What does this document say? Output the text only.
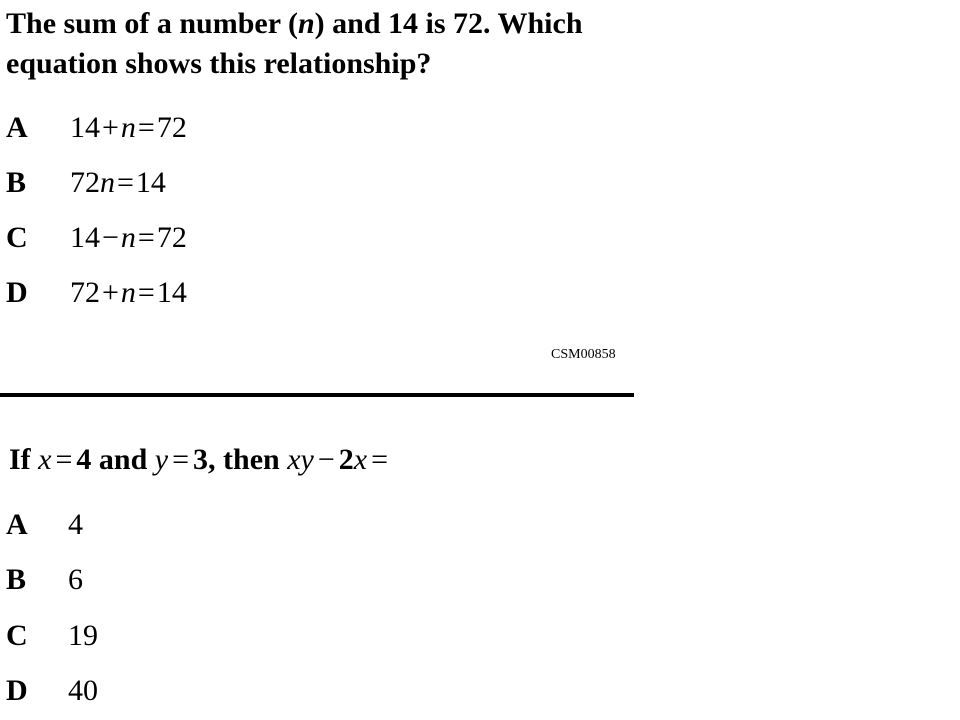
The sum of a number (n) and 14 is 72. Which
equation shows this relationship?
A 14+n=72
B 72n=14
C 14−n=72
D 72+n=14
CSM00858
If x = 4 and y = 3, then xy − 2x =
A 4
B 6
C 19
D 40
